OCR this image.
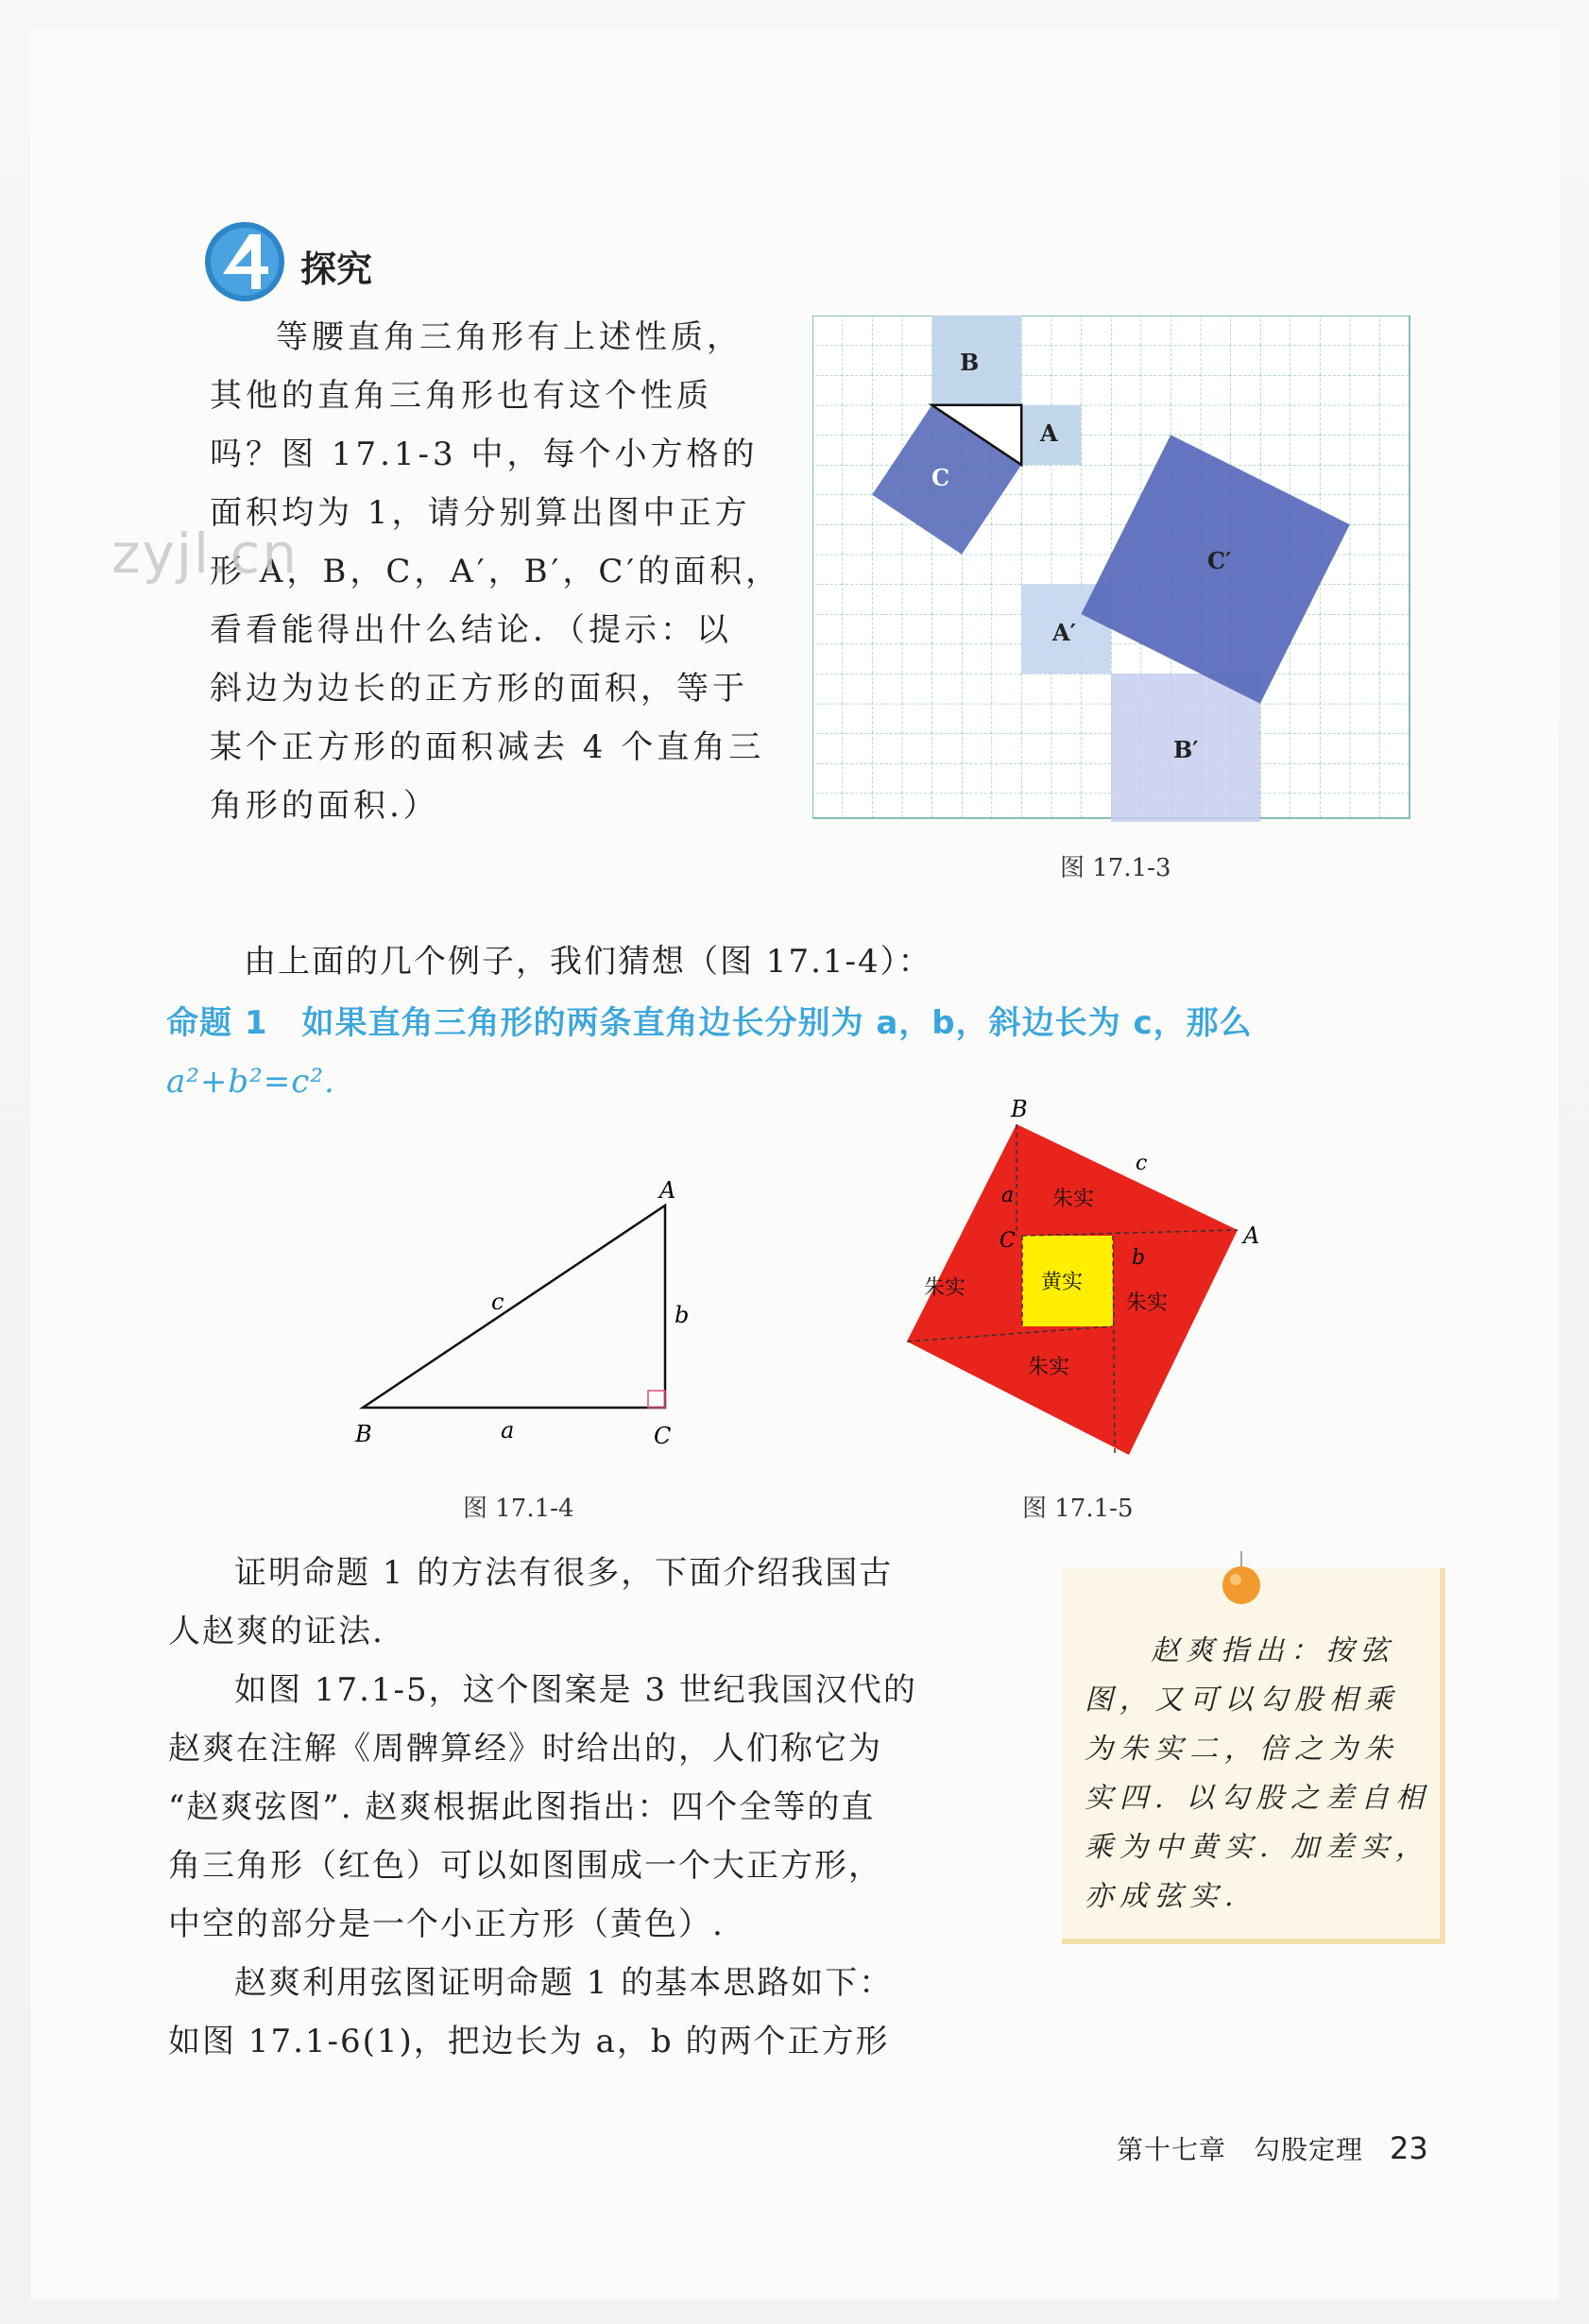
探究

等腰直角三角形有上述性质，

其他的直角三角形也有这个性质

吗？图 17.1-3 中，每个小方格的

面积均为 1，请分别算出图中正方

形 A，B，C，A′，B′，C′的面积，

看看能得出什么结论．（提示：以

斜边为边长的正方形的面积，等于

某个正方形的面积减去 4 个直角三

角形的面积.）

zyjl.cn
B
A
C
C′
A′
B′
图 17.1-3
由上面的几个例子，我们猜想（图 17.1-4）：
命题 1 如果直角三角形的两条直角边长分别为 a，b，斜边长为 c，那么
a²+b²=c².
A
B	C
a
b
c
图 17.1-4
B
A
C
a
b
c
朱实
朱实
朱实
朱实
黄实
图 17.1-5

证明命题 1 的方法有很多，下面介绍我国古

人赵爽的证法.

如图 17.1-5，这个图案是 3 世纪我国汉代的

赵爽在注解《周髀算经》时给出的，人们称它为

“赵爽弦图”. 赵爽根据此图指出：四个全等的直

角三角形（红色）可以如图围成一个大正方形，

中空的部分是一个小正方形（黄色）.

赵爽利用弦图证明命题 1 的基本思路如下：

如图 17.1-6(1)，把边长为 a，b 的两个正方形

赵爽指出：按弦
图，又可以勾股相乘
为朱实二，倍之为朱
实四. 以勾股之差自相
乘为中黄实. 加差实，
亦成弦实.
第十七章　勾股定理 23
